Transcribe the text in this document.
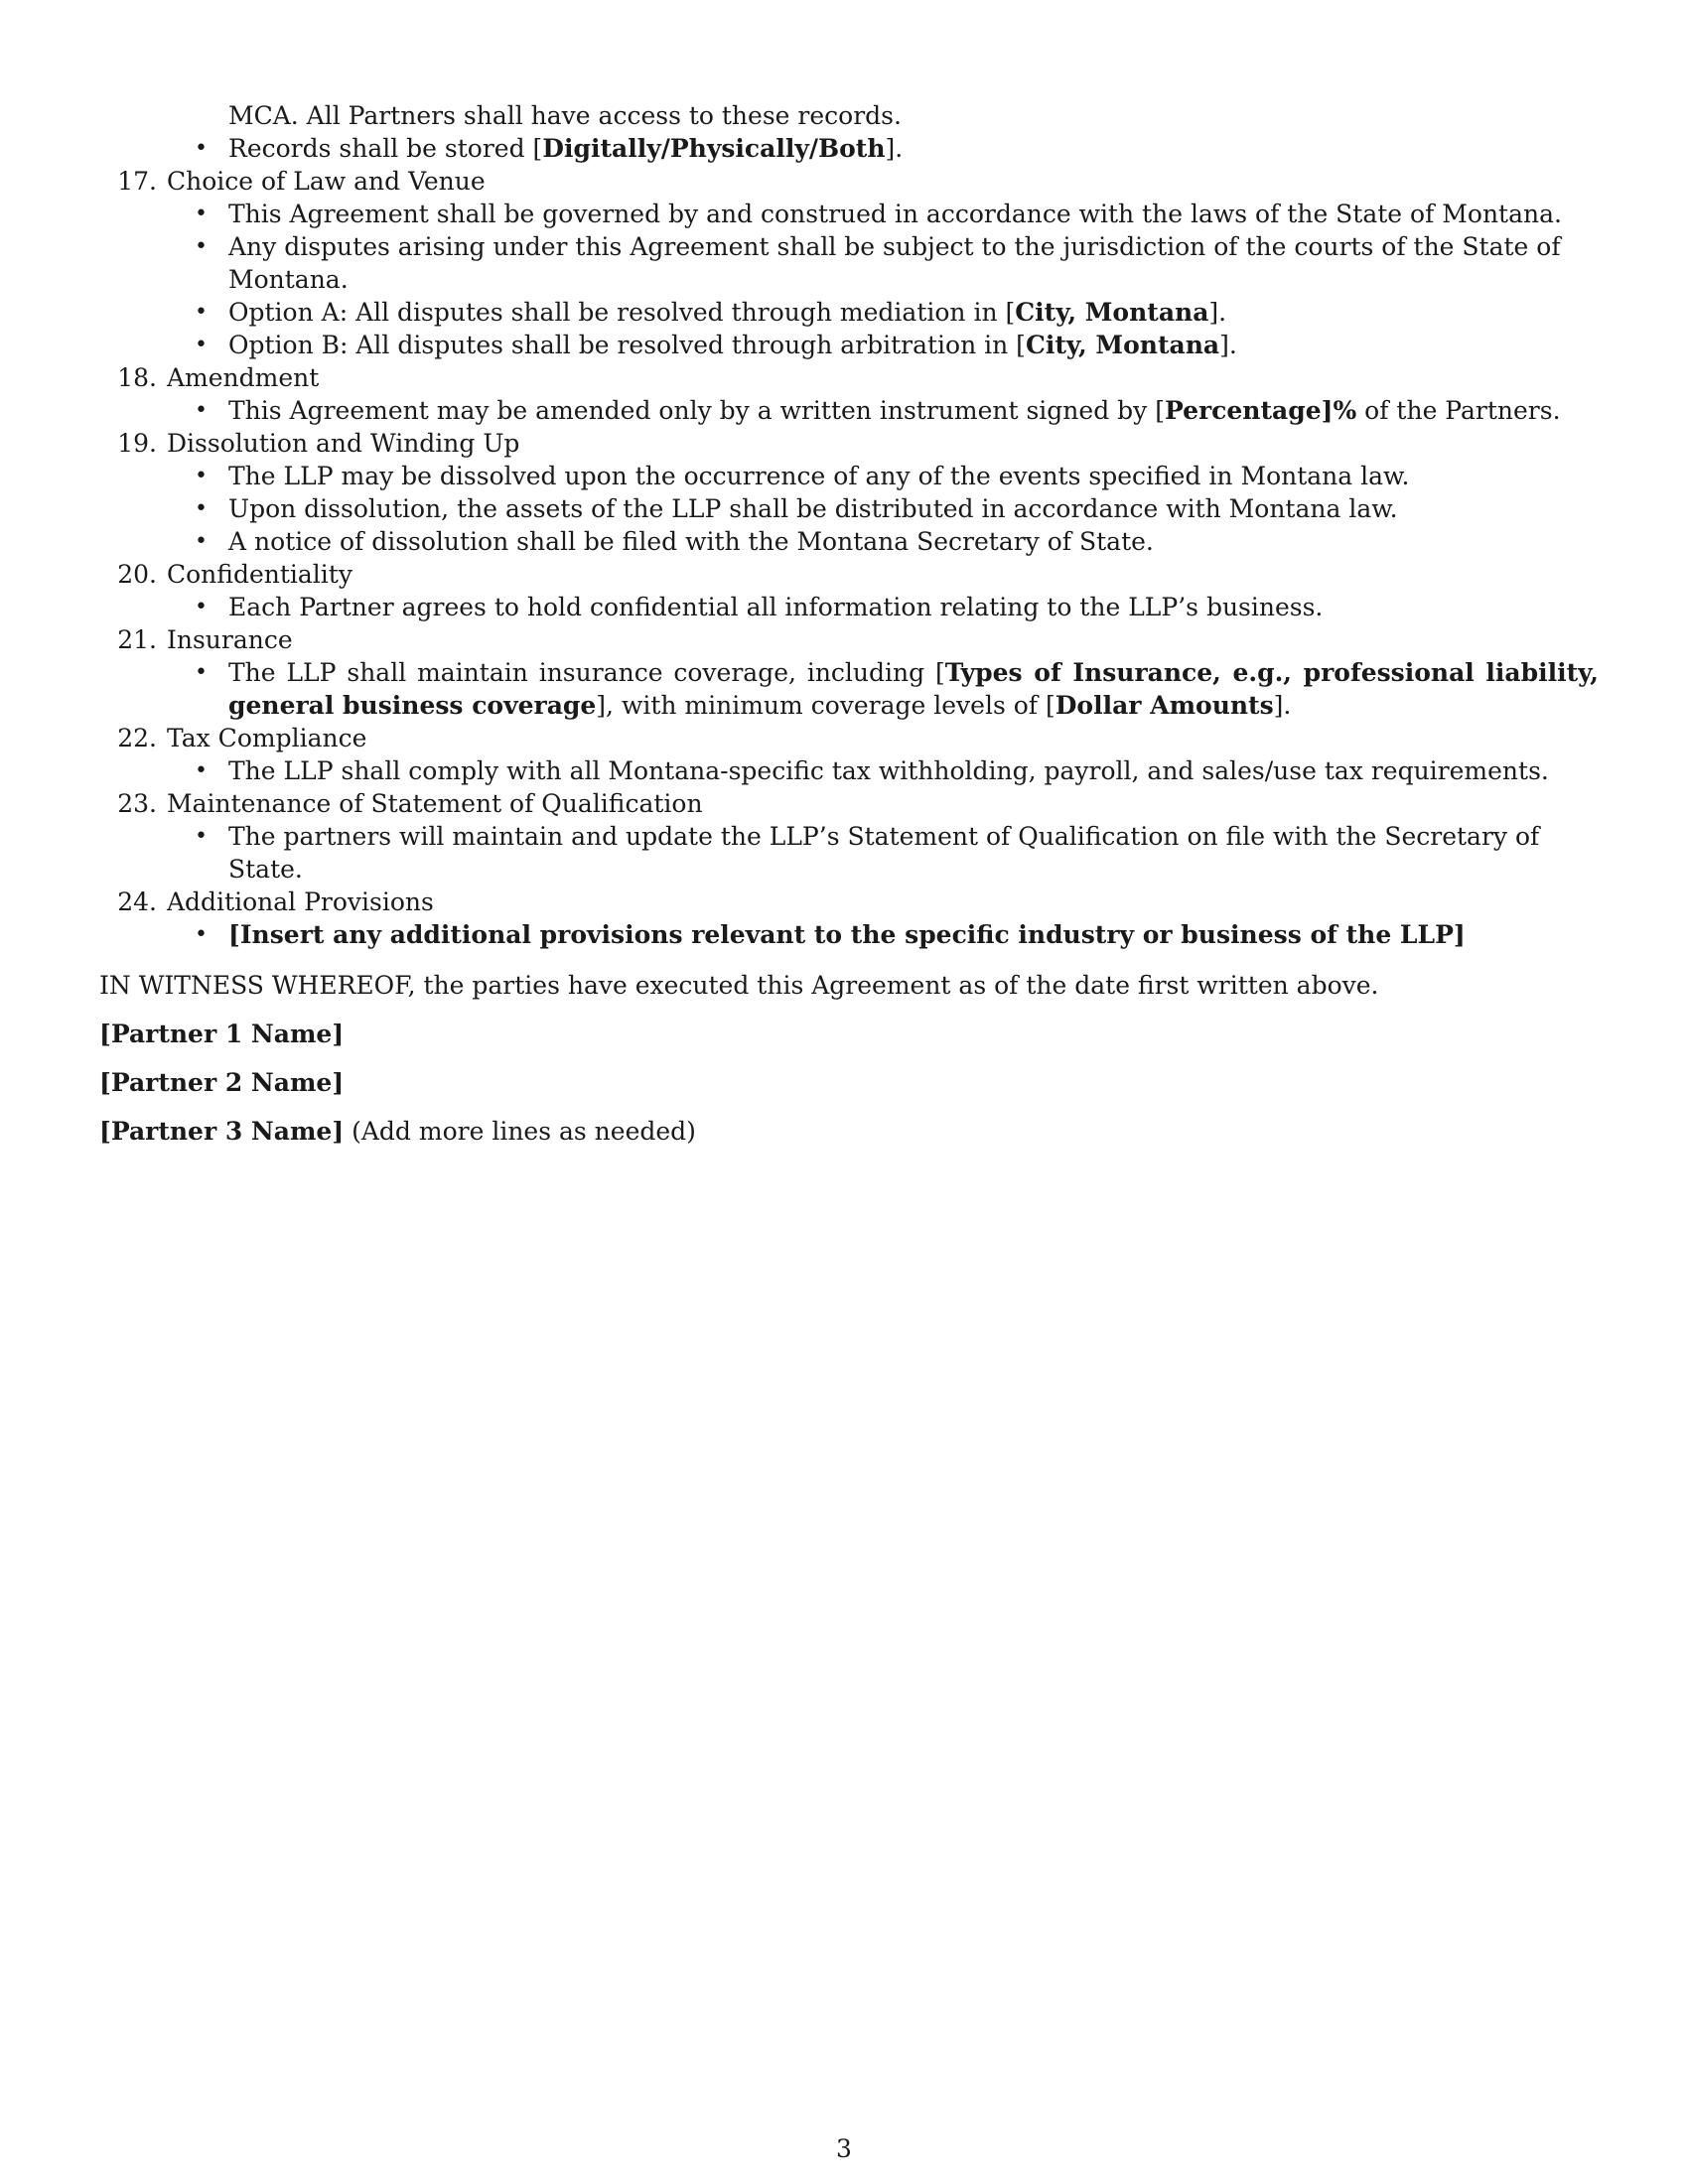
MCA. All Partners shall have access to these records.
• Records shall be stored [Digitally/Physically/Both].
17. Choice of Law and Venue
• This Agreement shall be governed by and construed in accordance with the laws of the State of Montana.
• Any disputes arising under this Agreement shall be subject to the jurisdiction of the courts of the State of Montana.
• Option A: All disputes shall be resolved through mediation in [City, Montana].
• Option B: All disputes shall be resolved through arbitration in [City, Montana].
18. Amendment
• This Agreement may be amended only by a written instrument signed by [Percentage]% of the Partners.
19. Dissolution and Winding Up
• The LLP may be dissolved upon the occurrence of any of the events specified in Montana law.
• Upon dissolution, the assets of the LLP shall be distributed in accordance with Montana law.
• A notice of dissolution shall be filed with the Montana Secretary of State.
20. Confidentiality
• Each Partner agrees to hold confidential all information relating to the LLP’s business.
21. Insurance
• The LLP shall maintain insurance coverage, including [Types of Insurance, e.g., professional liability, general business coverage], with minimum coverage levels of [Dollar Amounts].
22. Tax Compliance
• The LLP shall comply with all Montana-specific tax withholding, payroll, and sales/use tax requirements.
23. Maintenance of Statement of Qualification
• The partners will maintain and update the LLP’s Statement of Qualification on file with the Secretary of State.
24. Additional Provisions
• [Insert any additional provisions relevant to the specific industry or business of the LLP]
IN WITNESS WHEREOF, the parties have executed this Agreement as of the date first written above.
[Partner 1 Name]
[Partner 2 Name]
[Partner 3 Name] (Add more lines as needed)
3
